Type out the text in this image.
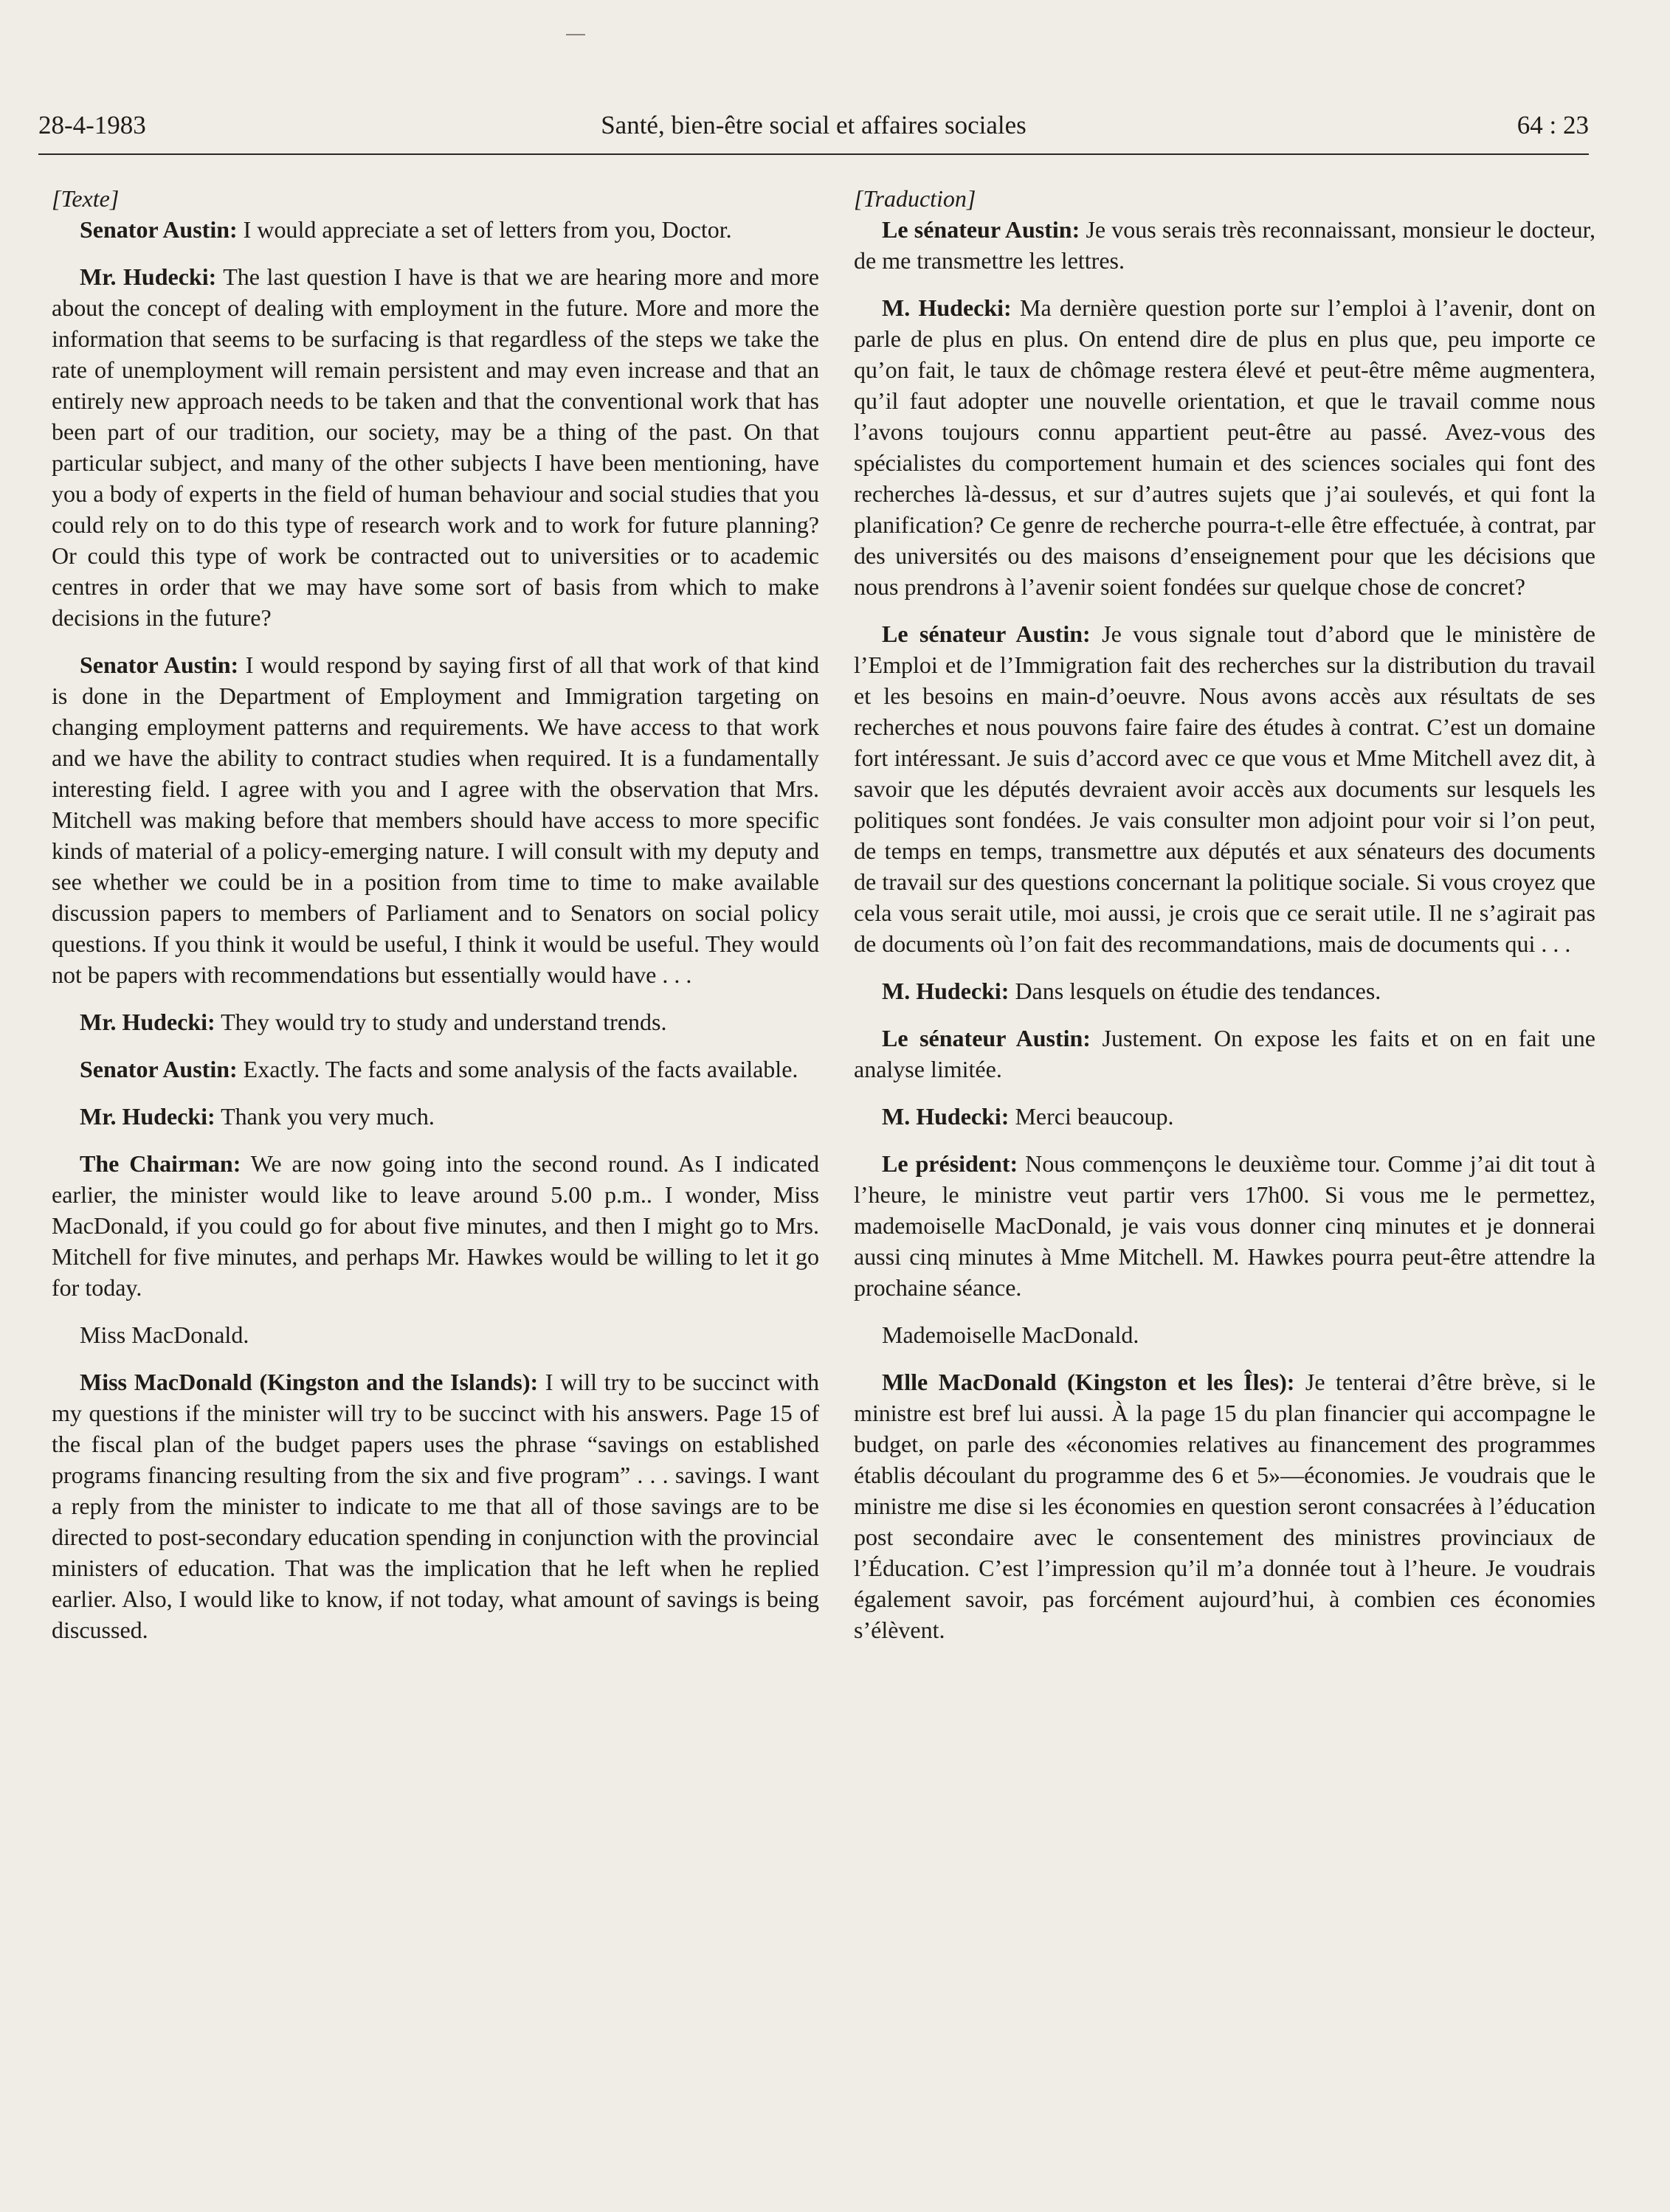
28-4-1983	Santé, bien-être social et affaires sociales	64 : 23

[Texte]

Senator Austin: I would appreciate a set of letters from you, Doctor.

Mr. Hudecki: The last question I have is that we are hearing more and more about the concept of dealing with employment in the future. More and more the information that seems to be surfacing is that regardless of the steps we take the rate of unemployment will remain persistent and may even increase and that an entirely new approach needs to be taken and that the conventional work that has been part of our tradition, our society, may be a thing of the past. On that particular subject, and many of the other subjects I have been mentioning, have you a body of experts in the field of human behaviour and social studies that you could rely on to do this type of research work and to work for future planning? Or could this type of work be contracted out to universities or to academic centres in order that we may have some sort of basis from which to make decisions in the future?

Senator Austin: I would respond by saying first of all that work of that kind is done in the Department of Employment and Immigration targeting on changing employment patterns and requirements. We have access to that work and we have the ability to contract studies when required. It is a fundamentally interesting field. I agree with you and I agree with the observation that Mrs. Mitchell was making before that members should have access to more specific kinds of material of a policy-emerging nature. I will consult with my deputy and see whether we could be in a position from time to time to make available discussion papers to members of Parliament and to Senators on social policy questions. If you think it would be useful, I think it would be useful. They would not be papers with recommendations but essentially would have . . .

Mr. Hudecki: They would try to study and understand trends.

Senator Austin: Exactly. The facts and some analysis of the facts available.

Mr. Hudecki: Thank you very much.

The Chairman: We are now going into the second round. As I indicated earlier, the minister would like to leave around 5.00 p.m.. I wonder, Miss MacDonald, if you could go for about five minutes, and then I might go to Mrs. Mitchell for five minutes, and perhaps Mr. Hawkes would be willing to let it go for today.

Miss MacDonald.

Miss MacDonald (Kingston and the Islands): I will try to be succinct with my questions if the minister will try to be succinct with his answers. Page 15 of the fiscal plan of the budget papers uses the phrase “savings on established programs financing resulting from the six and five program” . . . savings. I want a reply from the minister to indicate to me that all of those savings are to be directed to post-secondary education spending in conjunction with the provincial ministers of education. That was the implication that he left when he replied earlier. Also, I would like to know, if not today, what amount of savings is being discussed.

[Traduction]

Le sénateur Austin: Je vous serais très reconnaissant, monsieur le docteur, de me transmettre les lettres.

M. Hudecki: Ma dernière question porte sur l’emploi à l’avenir, dont on parle de plus en plus. On entend dire de plus en plus que, peu importe ce qu’on fait, le taux de chômage restera élevé et peut-être même augmentera, qu’il faut adopter une nouvelle orientation, et que le travail comme nous l’avons toujours connu appartient peut-être au passé. Avez-vous des spécialistes du comportement humain et des sciences sociales qui font des recherches là-dessus, et sur d’autres sujets que j’ai soulevés, et qui font la planification? Ce genre de recherche pourra-t-elle être effectuée, à contrat, par des universités ou des maisons d’enseignement pour que les décisions que nous prendrons à l’avenir soient fondées sur quelque chose de concret?

Le sénateur Austin: Je vous signale tout d’abord que le ministère de l’Emploi et de l’Immigration fait des recherches sur la distribution du travail et les besoins en main-d’oeuvre. Nous avons accès aux résultats de ses recherches et nous pouvons faire faire des études à contrat. C’est un domaine fort intéressant. Je suis d’accord avec ce que vous et Mme Mitchell avez dit, à savoir que les députés devraient avoir accès aux documents sur lesquels les politiques sont fondées. Je vais consulter mon adjoint pour voir si l’on peut, de temps en temps, transmettre aux députés et aux sénateurs des documents de travail sur des questions concernant la politique sociale. Si vous croyez que cela vous serait utile, moi aussi, je crois que ce serait utile. Il ne s’agirait pas de documents où l’on fait des recommandations, mais de documents qui . . .

M. Hudecki: Dans lesquels on étudie des tendances.

Le sénateur Austin: Justement. On expose les faits et on en fait une analyse limitée.

M. Hudecki: Merci beaucoup.

Le président: Nous commençons le deuxième tour. Comme j’ai dit tout à l’heure, le ministre veut partir vers 17h00. Si vous me le permettez, mademoiselle MacDonald, je vais vous donner cinq minutes et je donnerai aussi cinq minutes à Mme Mitchell. M. Hawkes pourra peut-être attendre la prochaine séance.

Mademoiselle MacDonald.

Mlle MacDonald (Kingston et les Îles): Je tenterai d’être brève, si le ministre est bref lui aussi. À la page 15 du plan financier qui accompagne le budget, on parle des «économies relatives au financement des programmes établis découlant du programme des 6 et 5»—économies. Je voudrais que le ministre me dise si les économies en question seront consacrées à l’éducation post secondaire avec le consentement des ministres provinciaux de l’Éducation. C’est l’impression qu’il m’a donnée tout à l’heure. Je voudrais également savoir, pas forcément aujourd’hui, à combien ces économies s’élèvent.
